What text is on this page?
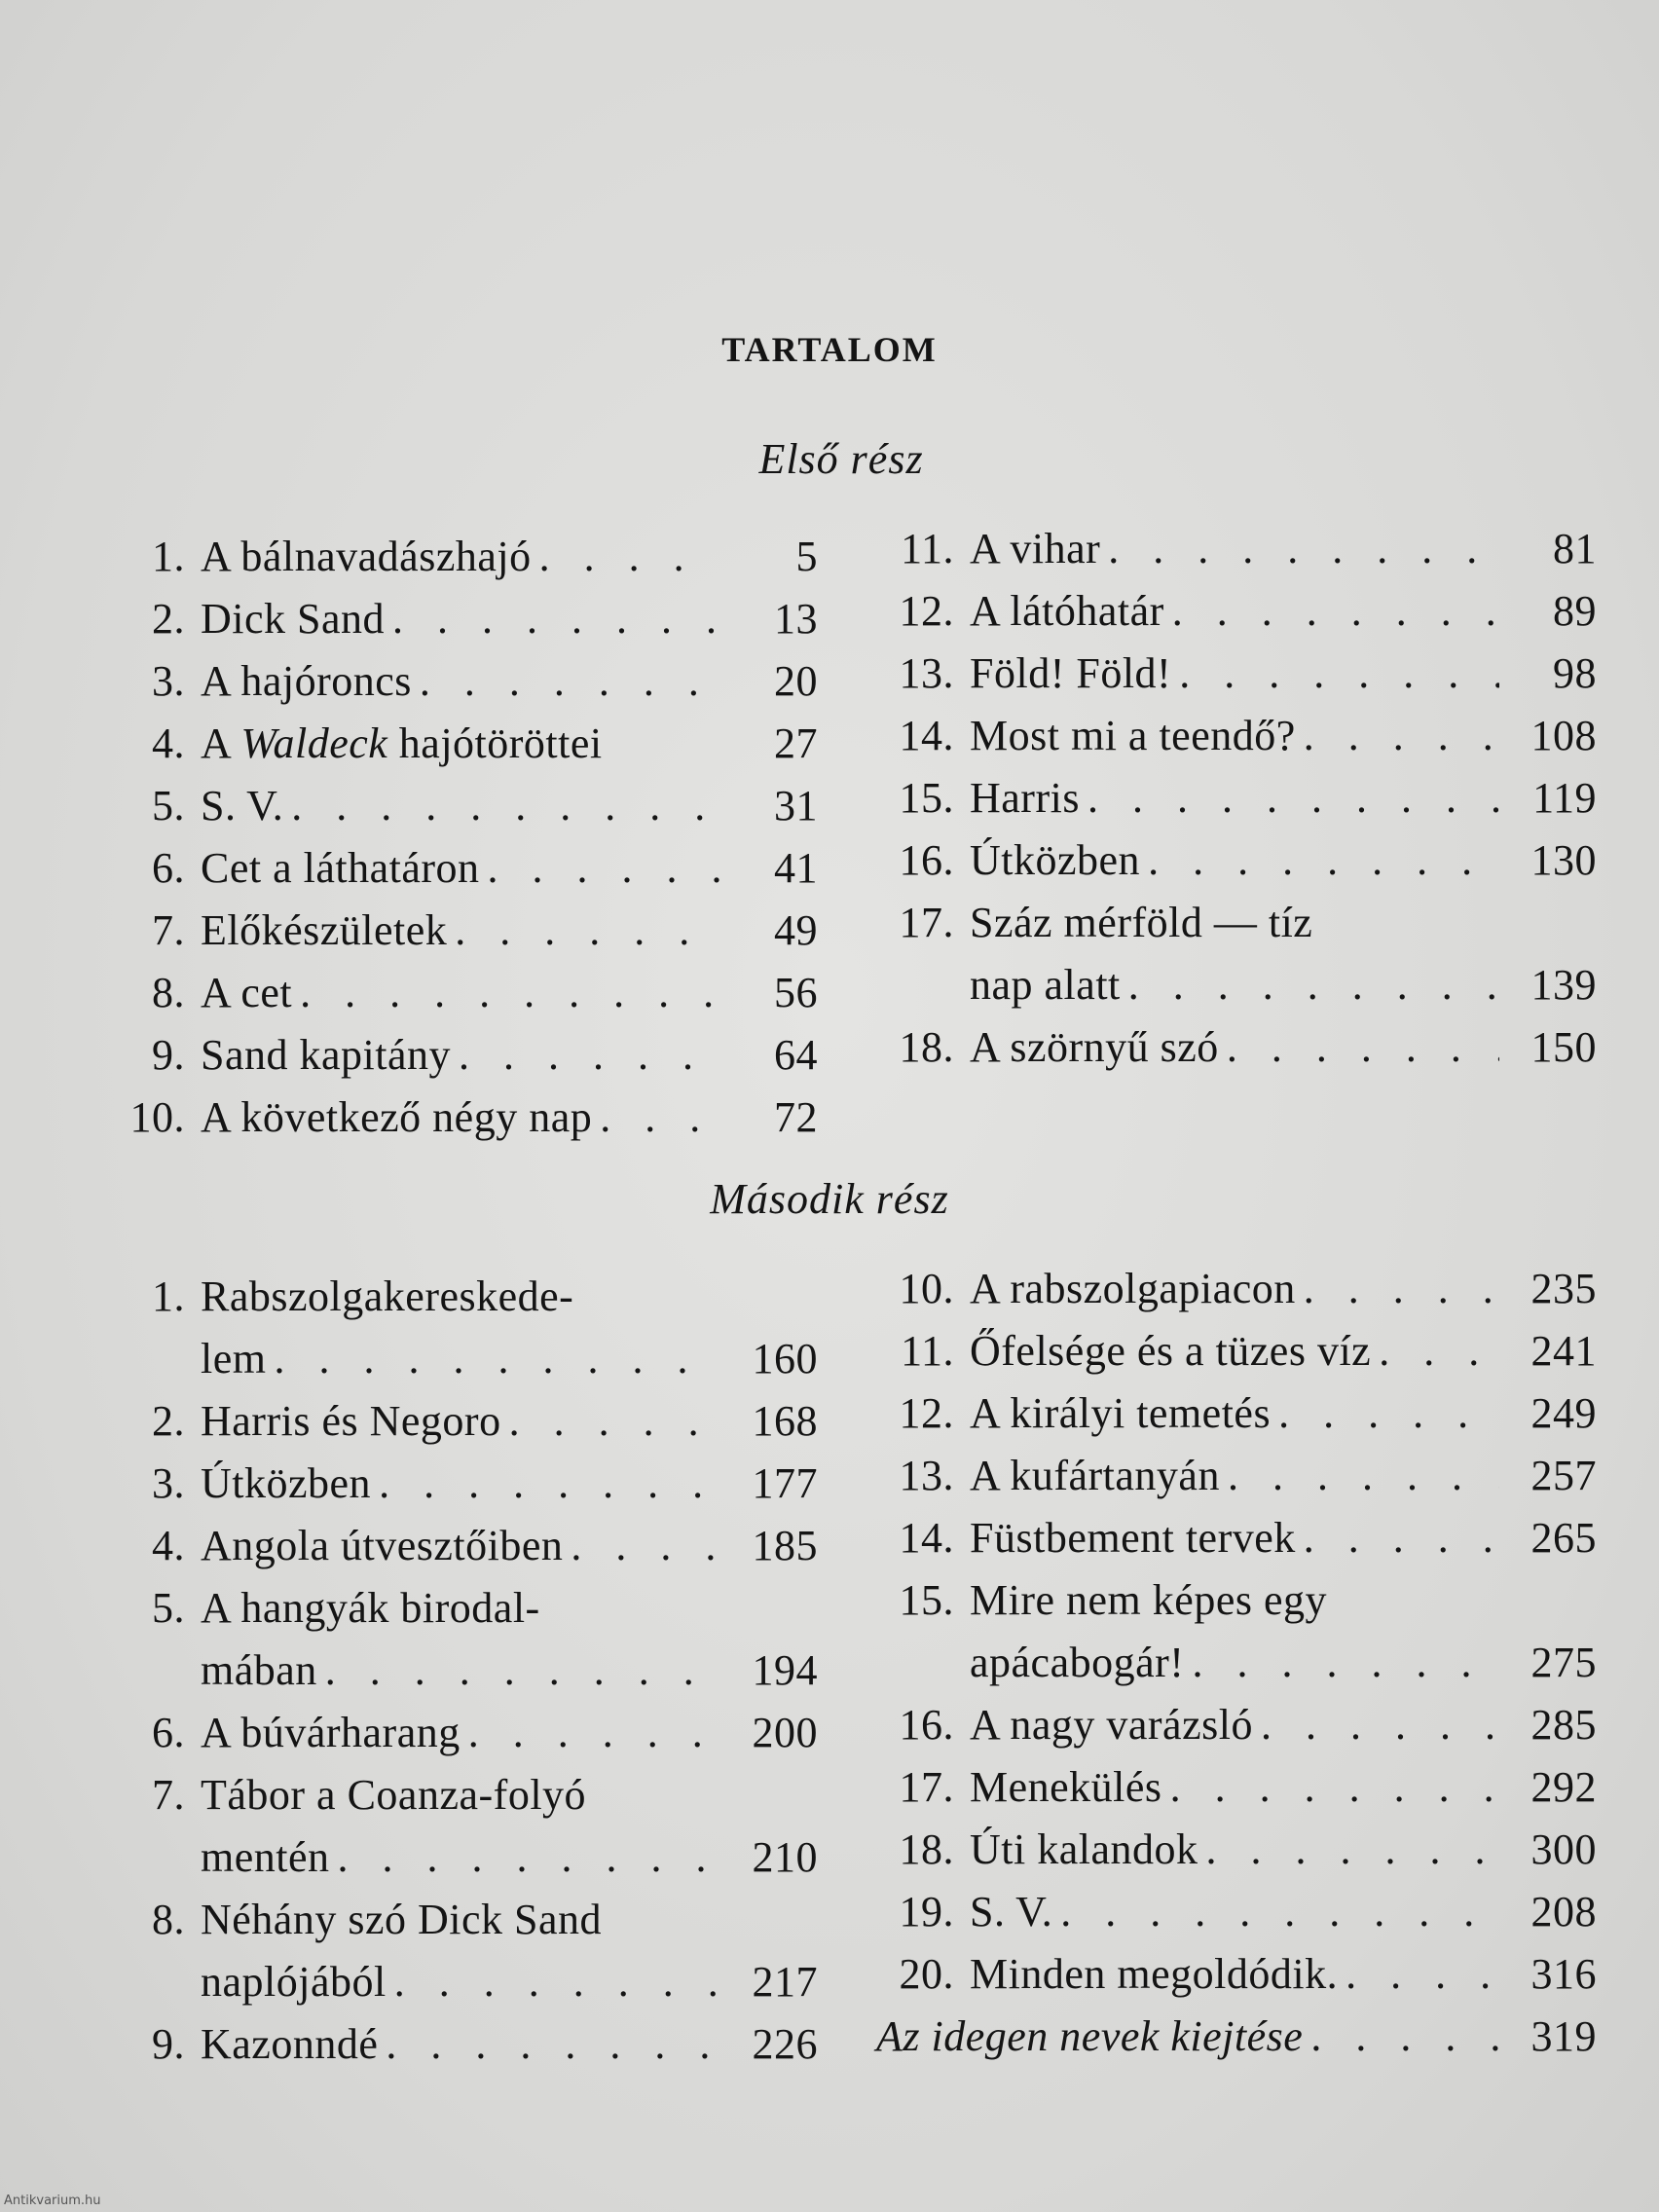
TARTALOM
Első rész
1. A bálnavadászhajó . . .	5
2. Dick Sand . . .	13
3. A hajóroncs . . .	20
4. A Waldeck hajótöröttei	27
5. S. V. . . .	31
6. Cet a láthatáron . . .	41
7. Előkészületek . . .	49
8. A cet . . .	56
9. Sand kapitány . . .	64
10. A következő négy nap . . .	72
11. A vihar . . .	81
12. A látóhatár . . .	89
13. Föld! Föld! . . .	98
14. Most mi a teendő? . . .	108
15. Harris . . .	119
16. Útközben . . .	130
17. Száz mérföld — tíz
nap alatt . . .	139
18. A szörnyű szó . . .	150
Második rész
1. Rabszolgakereskede-
lem . . .	160
2. Harris és Negoro . . .	168
3. Útközben . . .	177
4. Angola útvesztőiben . . .	185
5. A hangyák birodal-
mában . . .	194
6. A búvárharang . . .	200
7. Tábor a Coanza-folyó
mentén . . .	210
8. Néhány szó Dick Sand
naplójából . . .	217
9. Kazonndé . . .	226
10. A rabszolgapiacon . . .	235
11. Őfelsége és a tüzes víz . . .	241
12. A királyi temetés . . .	249
13. A kufártanyán . . .	257
14. Füstbement tervek . . .	265
15. Mire nem képes egy
apácabogár! . . .	275
16. A nagy varázsló . . .	285
17. Menekülés . . .	292
18. Úti kalandok . . .	300
19. S. V. . . .	208
20. Minden megoldódik. . . .	316
Az idegen nevek kiejtése . . .	319
Antikvarium.hu
